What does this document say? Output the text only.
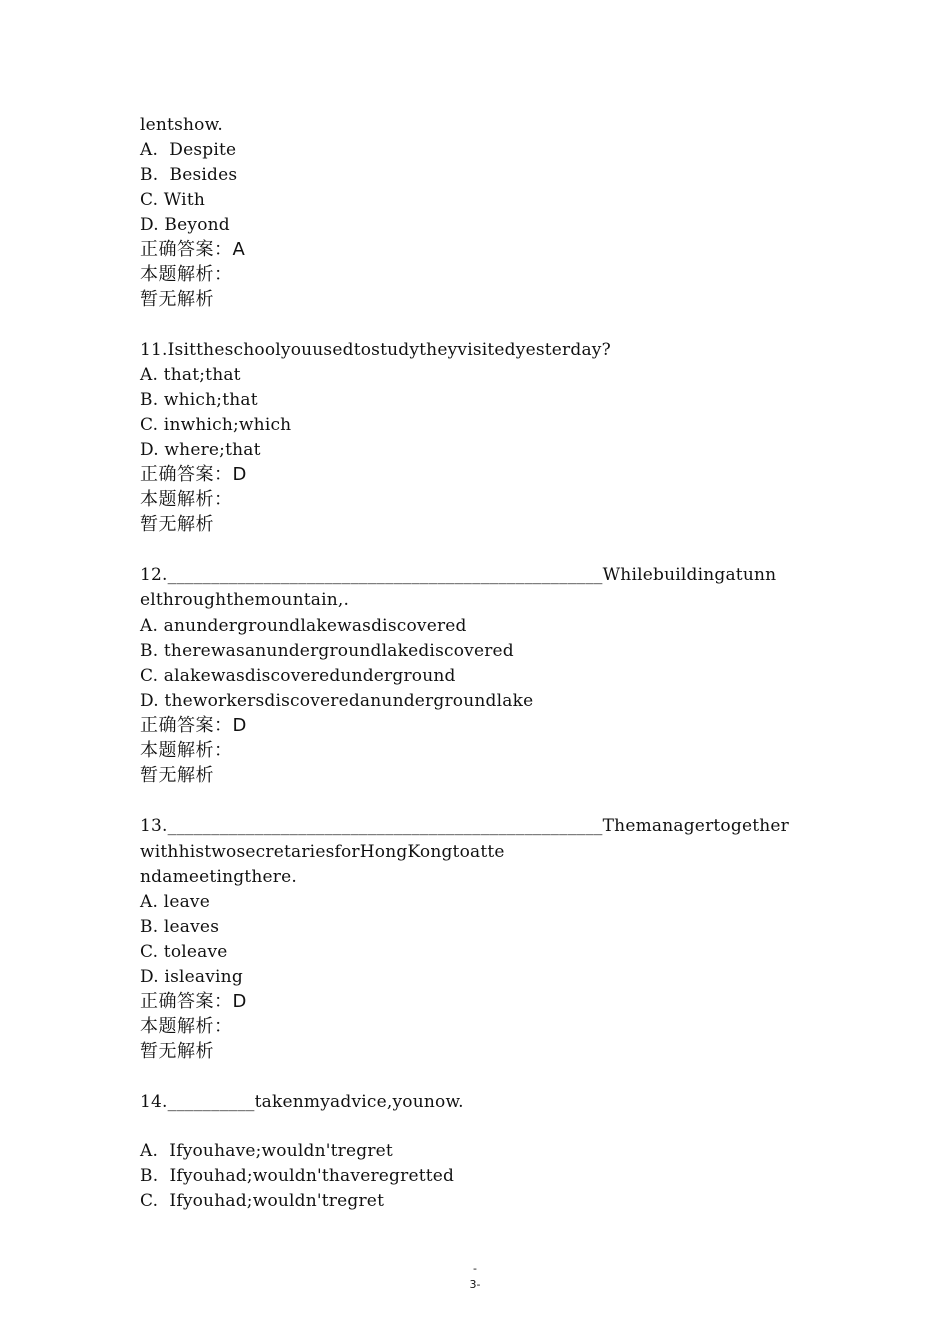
lentshow.
A.  Despite
B.  Besides
C. With
D. Beyond
正确答案：A
本题解析：
暂无解析
11.Isittheschoolyouusedtostudytheyvisitedyesterday?
A. that;that
B. which;that
C. inwhich;which
D. where;that
正确答案：D
本题解析：
暂无解析
12.__________________________________________________Whilebuildingatunn
elthroughthemountain,.
A. anundergroundlakewasdiscovered
B. therewasanundergroundlakediscovered
C. alakewasdiscoveredunderground
D. theworkersdiscoveredanundergroundlake
正确答案：D
本题解析：
暂无解析
13.__________________________________________________Themanagertogether
withhistwosecretariesforHongKongtoatte
ndameetingthere.
A. leave
B. leaves
C. toleave
D. isleaving
正确答案：D
本题解析：
暂无解析
14.__________takenmyadvice,younow.
A.  Ifyouhave;wouldn'tregret
B.  Ifyouhad;wouldn'thaveregretted
C.  Ifyouhad;wouldn'tregret
-
3-
